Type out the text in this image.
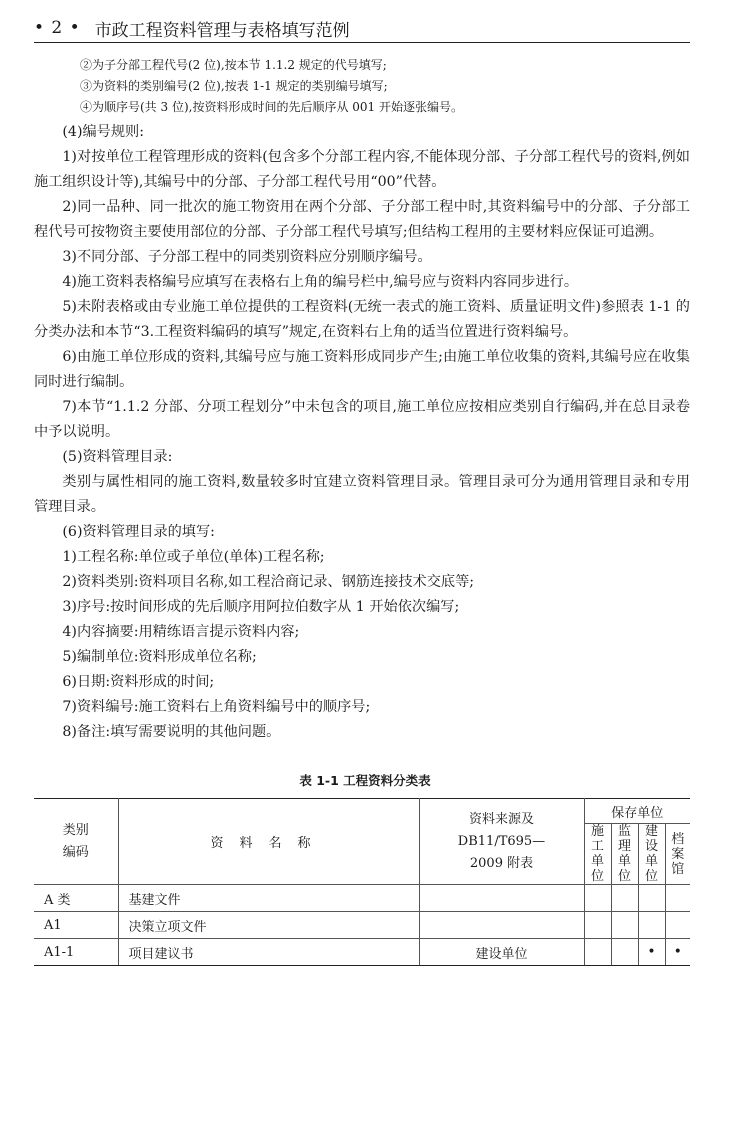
• 2 • 市政工程资料管理与表格填写范例
②为子分部工程代号(2 位),按本节 1.1.2 规定的代号填写;
③为资料的类别编号(2 位),按表 1-1 规定的类别编号填写;
④为顺序号(共 3 位),按资料形成时间的先后顺序从 001 开始逐张编号。

(4)编号规则:

1)对按单位工程管理形成的资料(包含多个分部工程内容,不能体现分部、子分部工程代号的资料,例如施工组织设计等),其编号中的分部、子分部工程代号用“00”代替。

2)同一品种、同一批次的施工物资用在两个分部、子分部工程中时,其资料编号中的分部、子分部工程代号可按物资主要使用部位的分部、子分部工程代号填写;但结构工程用的主要材料应保证可追溯。

3)不同分部、子分部工程中的同类别资料应分别顺序编号。

4)施工资料表格编号应填写在表格右上角的编号栏中,编号应与资料内容同步进行。

5)未附表格或由专业施工单位提供的工程资料(无统一表式的施工资料、质量证明文件)参照表 1-1 的分类办法和本节“3.工程资料编码的填写”规定,在资料右上角的适当位置进行资料编号。

6)由施工单位形成的资料,其编号应与施工资料形成同步产生;由施工单位收集的资料,其编号应在收集同时进行编制。

7)本节“1.1.2 分部、分项工程划分”中未包含的项目,施工单位应按相应类别自行编码,并在总目录卷中予以说明。

(5)资料管理目录:

类别与属性相同的施工资料,数量较多时宜建立资料管理目录。管理目录可分为通用管理目录和专用管理目录。

(6)资料管理目录的填写:

1)工程名称:单位或子单位(单体)工程名称;

2)资料类别:资料项目名称,如工程洽商记录、钢筋连接技术交底等;

3)序号:按时间形成的先后顺序用阿拉伯数字从 1 开始依次编写;

4)内容摘要:用精练语言提示资料内容;

5)编制单位:资料形成单位名称;

6)日期:资料形成的时间;

7)资料编号:施工资料右上角资料编号中的顺序号;

8)备注:填写需要说明的其他问题。

表 1-1 工程资料分类表
类别编码	资料名称	资料来源及 DB11/T695—2009 附表	保存单位			

			施工单位	监理单位	建设单位	档案馆

A 类	基建文件					
A1	决策立项文件					
A1-1	项目建议书	建设单位			•	•
